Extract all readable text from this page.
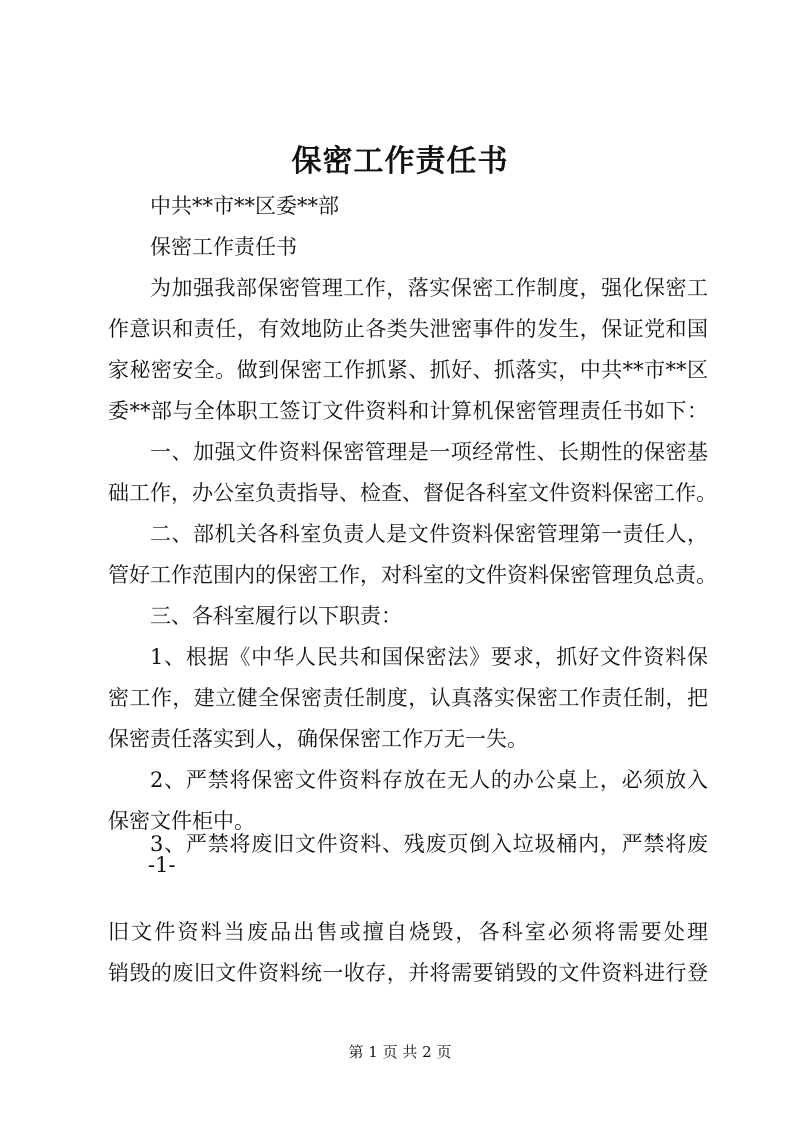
保密工作责任书
中共**市**区委**部
保密工作责任书
为加强我部保密管理工作，落实保密工作制度，强化保密工
作意识和责任，有效地防止各类失泄密事件的发生，保证党和国
家秘密安全。做到保密工作抓紧、抓好、抓落实，中共**市**区
委**部与全体职工签订文件资料和计算机保密管理责任书如下：
一、加强文件资料保密管理是一项经常性、长期性的保密基
础工作，办公室负责指导、检查、督促各科室文件资料保密工作。
二、部机关各科室负责人是文件资料保密管理第一责任人，
管好工作范围内的保密工作，对科室的文件资料保密管理负总责。
三、各科室履行以下职责：
1、根据《中华人民共和国保密法》要求，抓好文件资料保
密工作，建立健全保密责任制度，认真落实保密工作责任制，把
保密责任落实到人，确保保密工作万无一失。
2、严禁将保密文件资料存放在无人的办公桌上，必须放入
保密文件柜中。
3、严禁将废旧文件资料、残废页倒入垃圾桶内，严禁将废
-1-
旧文件资料当废品出售或擅自烧毁，各科室必须将需要处理
销毁的废旧文件资料统一收存，并将需要销毁的文件资料进行登
第 1 页 共 2 页
